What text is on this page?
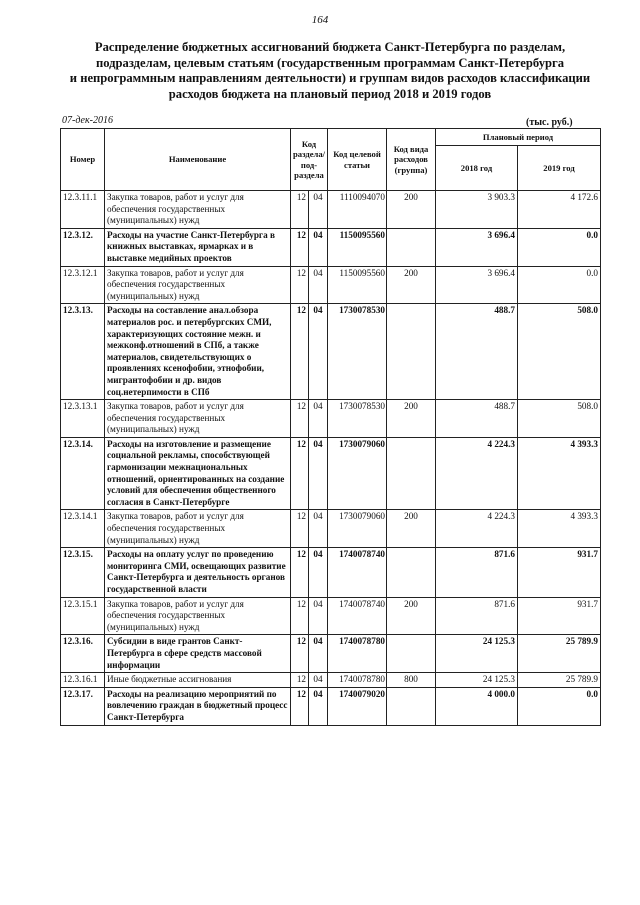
164
Распределение бюджетных ассигнований бюджета Санкт-Петербурга по разделам,
подразделам, целевым статьям (государственным программам Санкт-Петербурга
и непрограммным направлениям деятельности) и группам видов расходов классификации
расходов бюджета на плановый период 2018 и 2019 годов
07-дек-2016	(тыс. руб.)
Номер	Наименование	Код раздела/ под- раздела		Код целевой статьи	Код вида расходов (группа)	Плановый период	
						2018 год	2019 год
12.3.11.1	Закупка товаров, работ и услуг для обеспечения государственных (муниципальных) нужд	12	04	1110094070	200	3 903.3	4 172.6
12.3.12.	Расходы на участие Санкт-Петербурга в книжных выставках, ярмарках и в выставке медийных проектов	12	04	1150095560		3 696.4	0.0
12.3.12.1	Закупка товаров, работ и услуг для обеспечения государственных (муниципальных) нужд	12	04	1150095560	200	3 696.4	0.0
12.3.13.	Расходы на составление анал.обзора материалов рос. и петербургских СМИ, характеризующих состояние межн. и межконф.отношений в СПб, а также материалов, свидетельствующих о проявлениях ксенофобии, этнофобии, мигрантофобии и др. видов соц.нетерпимости в СПб	12	04	1730078530		488.7	508.0
12.3.13.1	Закупка товаров, работ и услуг для обеспечения государственных (муниципальных) нужд	12	04	1730078530	200	488.7	508.0
12.3.14.	Расходы на изготовление и размещение социальной рекламы, способствующей гармонизации межнациональных отношений, ориентированных на создание условий для обеспечения общественного согласия в Санкт-Петербурге	12	04	1730079060		4 224.3	4 393.3
12.3.14.1	Закупка товаров, работ и услуг для обеспечения государственных (муниципальных) нужд	12	04	1730079060	200	4 224.3	4 393.3
12.3.15.	Расходы на оплату услуг по проведению мониторинга СМИ, освещающих развитие Санкт-Петербурга и деятельность органов государственной власти	12	04	1740078740		871.6	931.7
12.3.15.1	Закупка товаров, работ и услуг для обеспечения государственных (муниципальных) нужд	12	04	1740078740	200	871.6	931.7
12.3.16.	Субсидии в виде грантов Санкт-Петербурга в сфере средств массовой информации	12	04	1740078780		24 125.3	25 789.9
12.3.16.1	Иные бюджетные ассигнования	12	04	1740078780	800	24 125.3	25 789.9
12.3.17.	Расходы на реализацию мероприятий по вовлечению граждан в бюджетный процесс Санкт-Петербурга	12	04	1740079020		4 000.0	0.0
